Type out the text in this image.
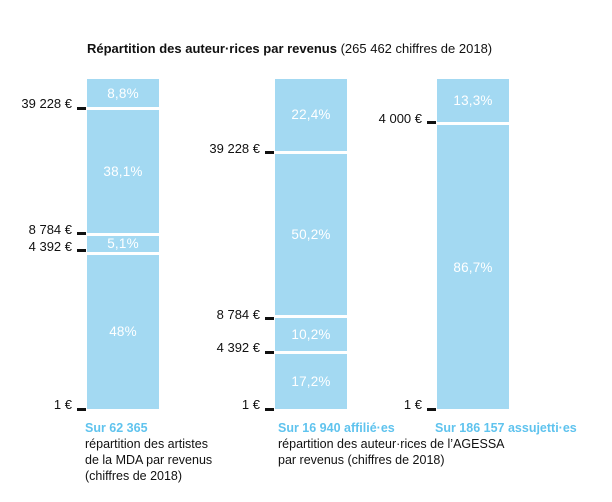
Répartition des auteur·rices par revenus (265 462 chiffres de 2018)
8,8%
38,1%
5,1%
48%
39 228 €
8 784 €
4 392 €
1 €
22,4%
50,2%
10,2%
17,2%
39 228 €
8 784 €
4 392 €
1 €
13,3%
86,7%
4 000 €
1 €
Sur 62 365
répartition des artistes
de la MDA par revenus
(chiffres de 2018)
Sur 16 940 affilié·es
répartition des auteur·rices de l’AGESSA
par revenus (chiffres de 2018)
Sur 186 157 assujetti·es
